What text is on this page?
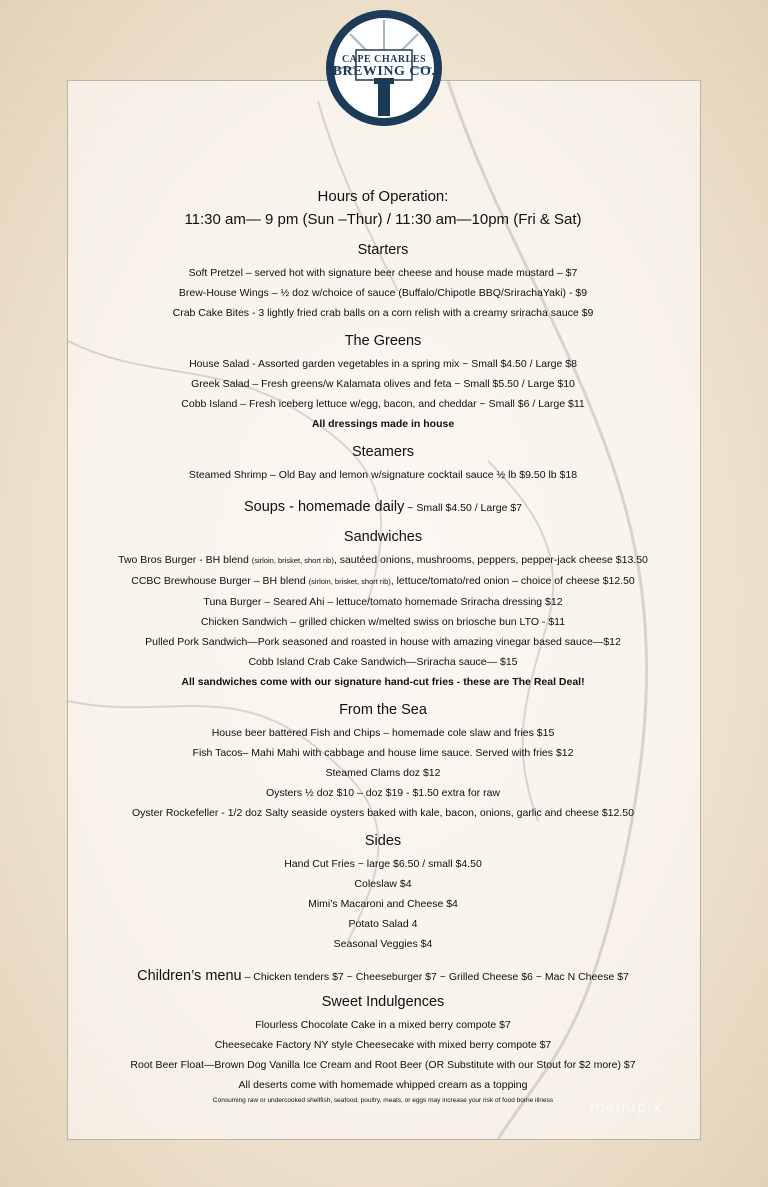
CAPE CHARLES
BREWING CO.
Hours of Operation:
11:30 am— 9 pm (Sun –Thur) / 11:30 am—10pm (Fri & Sat)
Starters
Soft Pretzel – served hot with signature beer cheese and house made mustard – $7
Brew-House Wings – ½ doz w/choice of sauce (Buffalo/Chipotle BBQ/SrirachaYaki) - $9
Crab Cake Bites - 3 lightly fried crab balls on a corn relish with a creamy sriracha sauce $9
The Greens
House Salad - Assorted garden vegetables in a spring mix ~ Small $4.50 / Large $8
Greek Salad – Fresh greens/w Kalamata olives and feta ~ Small $5.50 / Large $10
Cobb Island – Fresh iceberg lettuce w/egg, bacon, and cheddar ~ Small $6 / Large $11
All dressings made in house
Steamers
Steamed Shrimp – Old Bay and lemon w/signature cocktail sauce ½ lb $9.50 lb $18
Soups - homemade daily ~ Small $4.50 / Large $7
Sandwiches
Two Bros Burger - BH blend (sirloin, brisket, short rib), sautéed onions, mushrooms, peppers, pepper-jack cheese $13.50
CCBC Brewhouse Burger – BH blend (sirloin, brisket, short rib), lettuce/tomato/red onion – choice of cheese $12.50
Tuna Burger – Seared Ahi – lettuce/tomato homemade Sriracha dressing $12
Chicken Sandwich – grilled chicken w/melted swiss on briosche bun LTO - $11
Pulled Pork Sandwich—Pork seasoned and roasted in house with amazing vinegar based sauce—$12
Cobb Island Crab Cake Sandwich—Sriracha sauce— $15
All sandwiches come with our signature hand-cut fries - these are The Real Deal!
From the Sea
House beer battered Fish and Chips – homemade cole slaw and fries $15
Fish Tacos– Mahi Mahi with cabbage and house lime sauce. Served with fries $12
Steamed Clams doz $12
Oysters ½ doz $10 – doz $19 - $1.50 extra for raw
Oyster Rockefeller - 1/2 doz Salty seaside oysters baked with kale, bacon, onions, garlic and cheese $12.50
Sides
Hand Cut Fries ~ large $6.50 / small $4.50
Coleslaw $4
Mimi’s Macaroni and Cheese $4
Potato Salad 4
Seasonal Veggies $4
Children’s menu – Chicken tenders $7 ~ Cheeseburger $7 ~ Grilled Cheese $6 ~ Mac N Cheese $7
Sweet Indulgences
Flourless Chocolate Cake in a mixed berry compote $7
Cheesecake Factory NY style Cheesecake with mixed berry compote $7
Root Beer Float—Brown Dog Vanilla Ice Cream and Root Beer (OR Substitute with our Stout for $2 more) $7
All deserts come with homemade whipped cream as a topping
Consuming raw or undercooked shellfish, seafood, poultry, meats, or eggs may increase your risk of food borne illness	menupix
